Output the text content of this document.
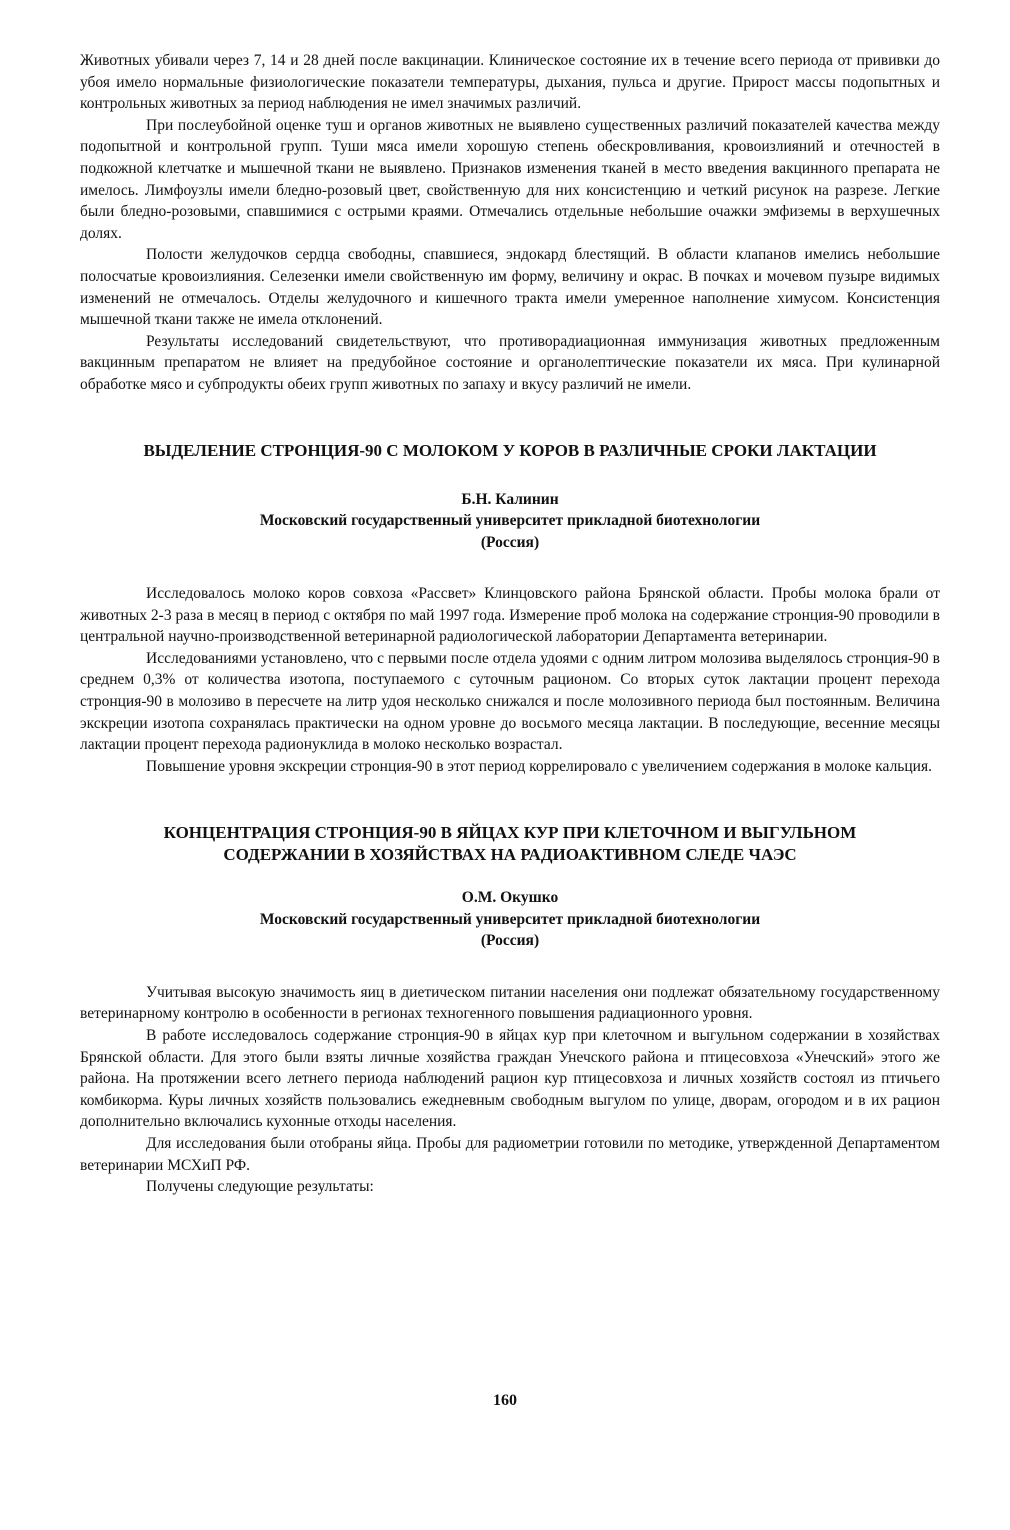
Животных убивали через 7, 14 и 28 дней после вакцинации. Клиническое состояние их в течение всего периода от прививки до убоя имело нормальные физиологические показатели температуры, дыхания, пульса и другие. Прирост массы подопытных и контрольных животных за период наблюдения не имел значимых различий.

При послеубойной оценке туш и органов животных не выявлено существенных различий показателей качества между подопытной и контрольной групп. Туши мяса имели хорошую степень обескровливания, кровоизлияний и отечностей в подкожной клетчатке и мышечной ткани не выявлено. Признаков изменения тканей в место введения вакцинного препарата не имелось. Лимфоузлы имели бледно-розовый цвет, свойственную для них консистенцию и четкий рисунок на разрезе. Легкие были бледно-розовыми, спавшимися с острыми краями. Отмечались отдельные небольшие очажки эмфиземы в верхушечных долях.

Полости желудочков сердца свободны, спавшиеся, эндокард блестящий. В области клапанов имелись небольшие полосчатые кровоизлияния. Селезенки имели свойственную им форму, величину и окрас. В почках и мочевом пузыре видимых изменений не отмечалось. Отделы желудочного и кишечного тракта имели умеренное наполнение химусом. Консистенция мышечной ткани также не имела отклонений.

Результаты исследований свидетельствуют, что противорадиационная иммунизация животных предложенным вакцинным препаратом не влияет на предубойное состояние и органолептические показатели их мяса. При кулинарной обработке мясо и субпродукты обеих групп животных по запаху и вкусу различий не имели.

ВЫДЕЛЕНИЕ СТРОНЦИЯ-90 С МОЛОКОМ У КОРОВ В РАЗЛИЧНЫЕ СРОКИ ЛАКТАЦИИ
Б.Н. Калинин
Московский государственный университет прикладной биотехнологии
(Россия)

Исследовалось молоко коров совхоза «Рассвет» Клинцовского района Брянской области. Пробы молока брали от животных 2-3 раза в месяц в период с октября по май 1997 года. Измерение проб молока на содержание стронция-90 проводили в центральной научно-производственной ветеринарной радиологической лаборатории Департамента ветеринарии.

Исследованиями установлено, что с первыми после отдела удоями с одним литром молозива выделялось стронция-90 в среднем 0,3% от количества изотопа, поступаемого с суточным рационом. Со вторых суток лактации процент перехода стронция-90 в молозиво в пересчете на литр удоя несколько снижался и после молозивного периода был постоянным. Величина экскреции изотопа сохранялась практически на одном уровне до восьмого месяца лактации. В последующие, весенние месяцы лактации процент перехода радионуклида в молоко несколько возрастал.

Повышение уровня экскреции стронция-90 в этот период коррелировало с увеличением содержания в молоке кальция.

КОНЦЕНТРАЦИЯ СТРОНЦИЯ-90 В ЯЙЦАХ КУР ПРИ КЛЕТОЧНОМ И ВЫГУЛЬНОМ
СОДЕРЖАНИИ В ХОЗЯЙСТВАХ НА РАДИОАКТИВНОМ СЛЕДЕ ЧАЭС
О.М. Окушко
Московский государственный университет прикладной биотехнологии
(Россия)

Учитывая высокую значимость яиц в диетическом питании населения они подлежат обязательному государственному ветеринарному контролю в особенности в регионах техногенного повышения радиационного уровня.

В работе исследовалось содержание стронция-90 в яйцах кур при клеточном и выгульном содержании в хозяйствах Брянской области. Для этого были взяты личные хозяйства граждан Унечского района и птицесовхоза «Унечский» этого же района. На протяжении всего летнего периода наблюдений рацион кур птицесовхоза и личных хозяйств состоял из птичьего комбикорма. Куры личных хозяйств пользовались ежедневным свободным выгулом по улице, дворам, огородом и в их рацион дополнительно включались кухонные отходы населения.

Для исследования были отобраны яйца. Пробы для радиометрии готовили по методике, утвержденной Департаментом ветеринарии МСХиП РФ.

Получены следующие результаты:

160
